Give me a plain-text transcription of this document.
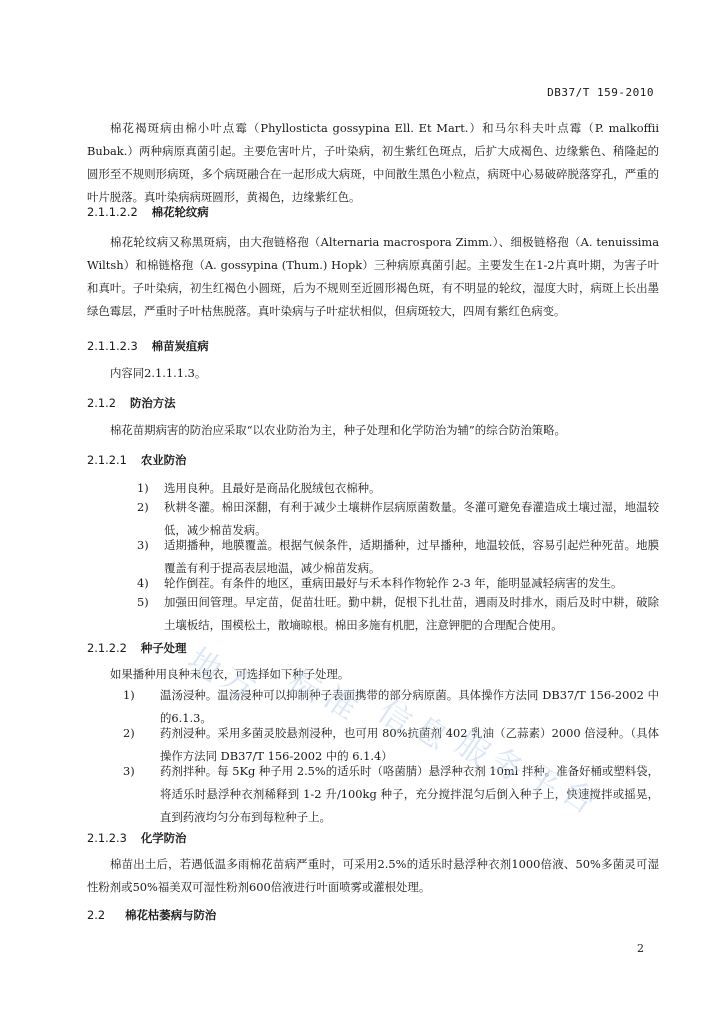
DB37/T 159-2010

棉花褐斑病由棉小叶点霉（Phyllosticta gossypina Ell. Et Mart.）和马尔科夫叶点霉（P. malkoffii Bubak.）两种病原真菌引起。主要危害叶片，子叶染病，初生紫红色斑点，后扩大成褐色、边缘紫色、稍隆起的圆形至不规则形病斑，多个病斑融合在一起形成大病斑，中间散生黑色小粒点，病斑中心易破碎脱落穿孔，严重的叶片脱落。真叶染病病斑圆形，黄褐色，边缘紫红色。

2.1.1.2.2 棉花轮纹病

棉花轮纹病又称黑斑病，由大孢链格孢（Alternaria macrospora Zimm.）、细极链格孢（A. tenuissima Wiltsh）和棉链格孢（A. gossypina (Thum.) Hopk）三种病原真菌引起。主要发生在1-2片真叶期，为害子叶和真叶。子叶染病，初生红褐色小圆斑，后为不规则至近圆形褐色斑，有不明显的轮纹，湿度大时，病斑上长出墨绿色霉层，严重时子叶枯焦脱落。真叶染病与子叶症状相似，但病斑较大，四周有紫红色病变。

2.1.1.2.3 棉苗炭疽病

内容同2.1.1.1.3。

2.1.2 防治方法

棉花苗期病害的防治应采取“以农业防治为主，种子处理和化学防治为辅”的综合防治策略。

2.1.2.1 农业防治
1)	选用良种。且最好是商品化脱绒包衣棉种。
2)	秋耕冬灌。棉田深翻，有利于减少土壤耕作层病原菌数量。冬灌可避免春灌造成土壤过湿，地温较低，减少棉苗发病。
3)	适期播种，地膜覆盖。根据气候条件，适期播种，过早播种，地温较低，容易引起烂种死苗。地膜覆盖有利于提高表层地温，减少棉苗发病。
4)	轮作倒茬。有条件的地区，重病田最好与禾本科作物轮作 2-3 年，能明显减轻病害的发生。
5)	加强田间管理。早定苗，促苗壮旺。勤中耕，促根下扎壮苗，遇雨及时排水，雨后及时中耕，破除土壤板结，围模松土，散墒晾根。棉田多施有机肥，注意钾肥的合理配合使用。
2.1.2.2 种子处理

如果播种用良种未包衣，可选择如下种子处理。

1)	温汤浸种。温汤浸种可以抑制种子表面携带的部分病原菌。具体操作方法同 DB37/T 156-2002 中的6.1.3。
2)	药剂浸种。采用多菌灵胶悬剂浸种，也可用 80%抗菌剂 402 乳油（乙蒜素）2000 倍浸种。（具体操作方法同 DB37/T 156-2002 中的 6.1.4）
3)	药剂拌种。每 5Kg 种子用 2.5%的适乐时（咯菌腈）悬浮种衣剂 10ml 拌种。准备好桶或塑料袋，将适乐时悬浮种衣剂稀释到 1-2 升/100kg 种子，充分搅拌混匀后倒入种子上，快速搅拌或摇晃，直到药液均匀分布到每粒种子上。
2.1.2.3 化学防治

棉苗出土后，若遇低温多雨棉花苗病严重时，可采用2.5%的适乐时悬浮种衣剂1000倍液、50%多菌灵可湿性粉剂或50%福美双可湿性粉剂600倍液进行叶面喷雾或灌根处理。

2.2 棉花枯萎病与防治
2
地
方 标
准 信
息
服
务
平
台
